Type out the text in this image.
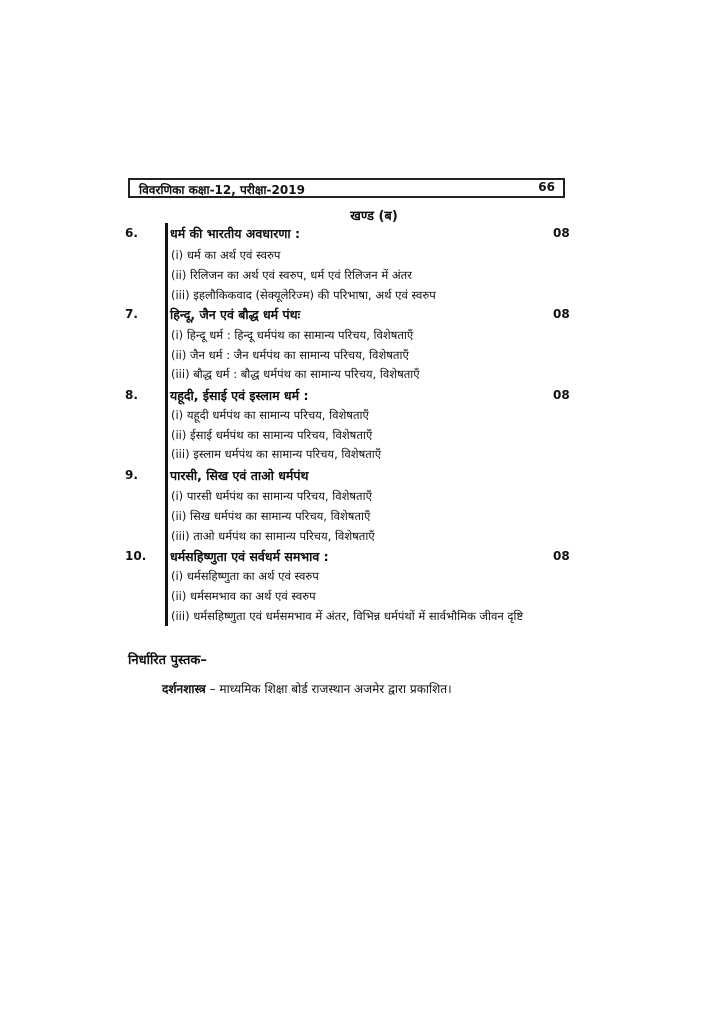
विवरणिका कक्षा-12, परीक्षा-2019	66
खण्ड (ब)
6.	धर्म की भारतीय अवधारणा :	08
(i) धर्म का अर्थ एवं स्वरुप
(ii) रिलिजन का अर्थ एवं स्वरुप, धर्म एवं रिलिजन में अंतर
(iii) इहलौकिकवाद (सेक्यूलेरिज्म) की परिभाषा, अर्थ एवं स्वरुप
7.	हिन्दू, जैन एवं बौद्ध धर्म पंथः	08
(i) हिन्दू धर्म : हिन्दू धर्मपंथ का सामान्य परिचय, विशेषताएँ
(ii) जैन धर्म : जैन धर्मपंथ का सामान्य परिचय, विशेषताएँ
(iii) बौद्ध धर्म : बौद्ध धर्मपंथ का सामान्य परिचय, विशेषताएँ
8.	यहूदी, ईसाई एवं इस्लाम धर्म :	08
(i) यहूदी धर्मपंथ का सामान्य परिचय, विशेषताएँ
(ii) ईसाई धर्मपंथ का सामान्य परिचय, विशेषताएँ
(iii) इस्लाम धर्मपंथ का सामान्य परिचय, विशेषताएँ
9.	पारसी, सिख एवं ताओ धर्मपंथ
(i) पारसी धर्मपंथ का सामान्य परिचय, विशेषताएँ
(ii) सिख धर्मपंथ का सामान्य परिचय, विशेषताएँ
(iii) ताओ धर्मपंथ का सामान्य परिचय, विशेषताएँ
10. धर्मसहिष्णुता एवं सर्वधर्म समभाव :	08
(i) धर्मसहिष्णुता का अर्थ एवं स्वरुप
(ii) धर्मसमभाव का अर्थ एवं स्वरुप
(iii) धर्मसहिष्णुता एवं धर्मसमभाव में अंतर, विभिन्न धर्मपंथों में सार्वभौमिक जीवन दृष्टि
निर्धारित पुस्तक–
दर्शनशास्त्र – माध्यमिक शिक्षा बोर्ड राजस्थान अजमेर द्वारा प्रकाशित।
